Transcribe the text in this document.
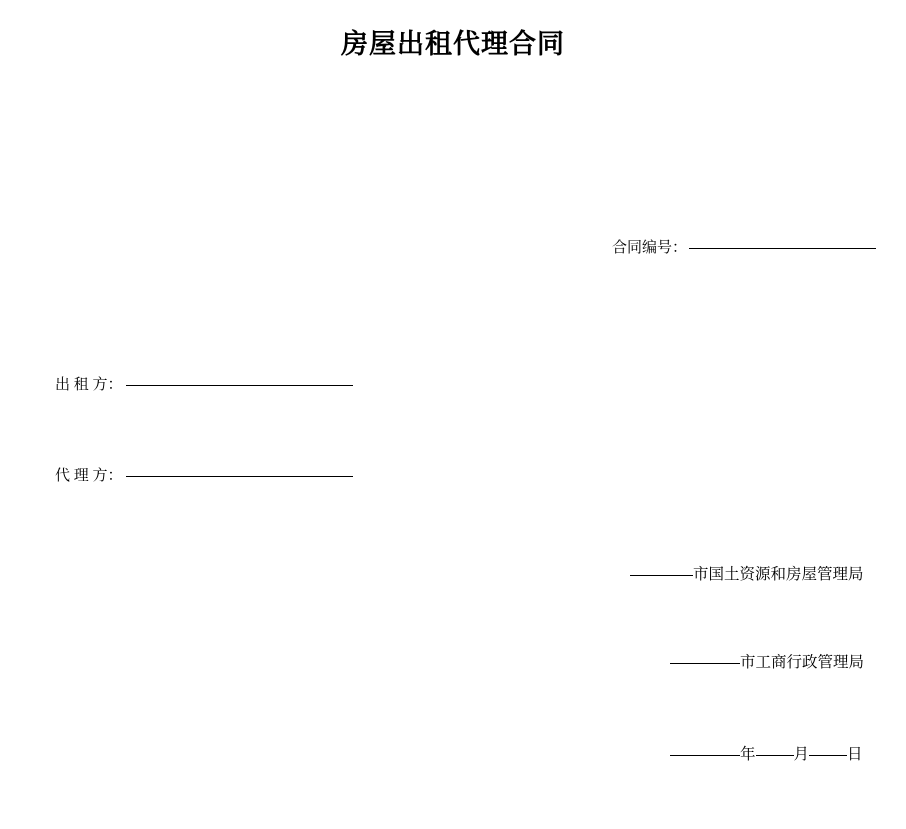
房屋出租代理合同
合同编号：
出 租 方：
代 理 方：
市国土资源和房屋管理局
市工商行政管理局
年 月 日
